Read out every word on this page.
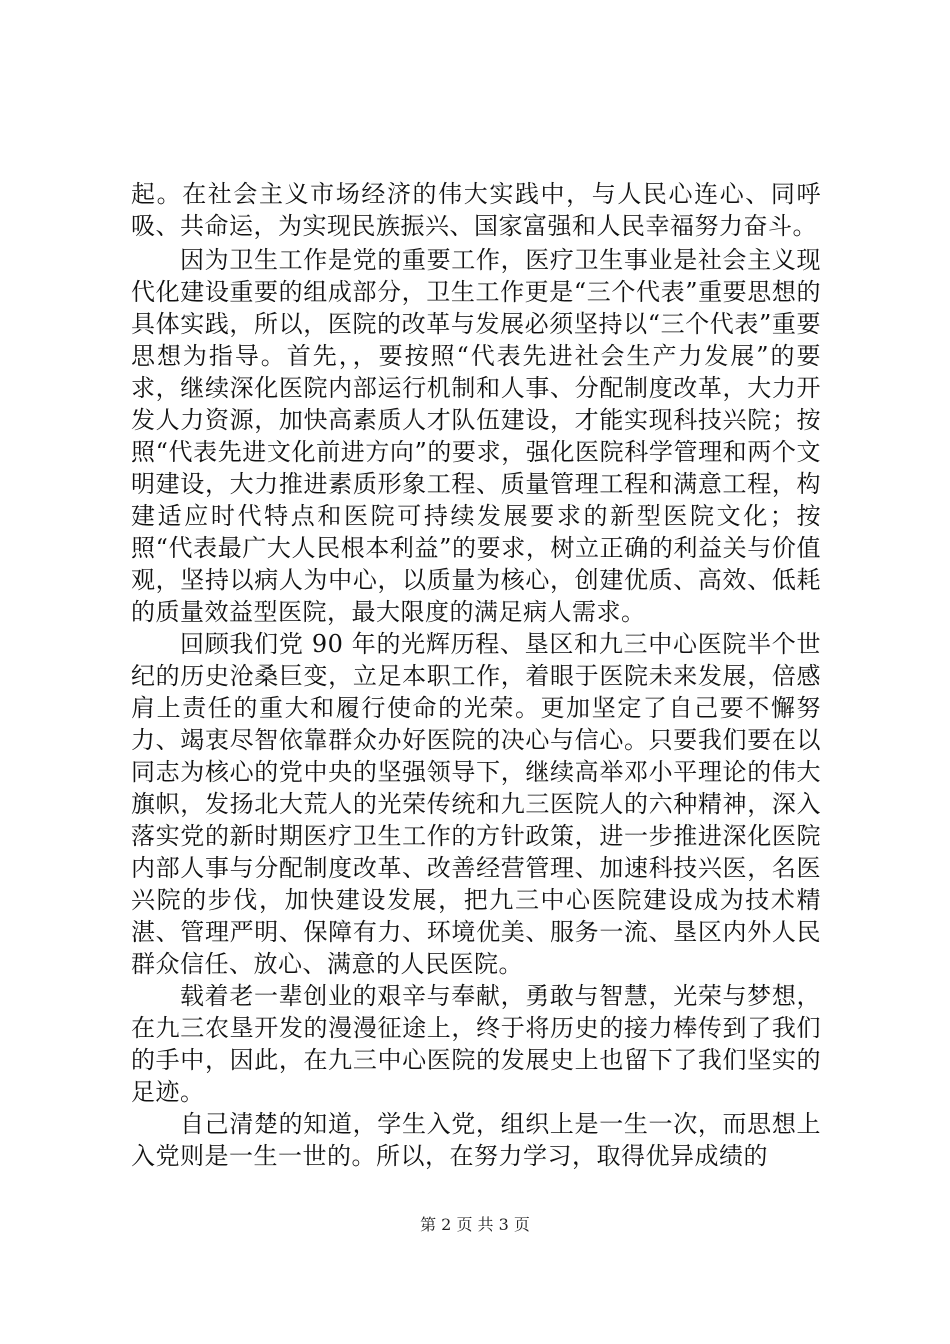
起。在社会主义市场经济的伟大实践中，与人民心连心、同呼吸、共命运，为实现民族振兴、国家富强和人民幸福努力奋斗。

因为卫生工作是党的重要工作，医疗卫生事业是社会主义现代化建设重要的组成部分，卫生工作更是“三个代表”重要思想的具体实践，所以，医院的改革与发展必须坚持以“三个代表”重要思想为指导。首先，，要按照“代表先进社会生产力发展”的要求，继续深化医院内部运行机制和人事、分配制度改革，大力开发人力资源，加快高素质人才队伍建设，才能实现科技兴院；按照“代表先进文化前进方向”的要求，强化医院科学管理和两个文明建设，大力推进素质形象工程、质量管理工程和满意工程，构建适应时代特点和医院可持续发展要求的新型医院文化；按照“代表最广大人民根本利益”的要求，树立正确的利益关与价值观，坚持以病人为中心，以质量为核心，创建优质、高效、低耗的质量效益型医院，最大限度的满足病人需求。

回顾我们党 90 年的光辉历程、垦区和九三中心医院半个世纪的历史沧桑巨变，立足本职工作，着眼于医院未来发展，倍感肩上责任的重大和履行使命的光荣。更加坚定了自己要不懈努力、竭衷尽智依靠群众办好医院的决心与信心。只要我们要在以同志为核心的党中央的坚强领导下，继续高举邓小平理论的伟大旗帜，发扬北大荒人的光荣传统和九三医院人的六种精神，深入落实党的新时期医疗卫生工作的方针政策，进一步推进深化医院内部人事与分配制度改革、改善经营管理、加速科技兴医，名医兴院的步伐，加快建设发展，把九三中心医院建设成为技术精湛、管理严明、保障有力、环境优美、服务一流、垦区内外人民群众信任、放心、满意的人民医院。

载着老一辈创业的艰辛与奉献，勇敢与智慧，光荣与梦想，在九三农垦开发的漫漫征途上，终于将历史的接力棒传到了我们的手中，因此，在九三中心医院的发展史上也留下了我们坚实的足迹。

自己清楚的知道，学生入党，组织上是一生一次，而思想上入党则是一生一世的。所以，在努力学习，取得优异成绩的

第 2 页 共 3 页
